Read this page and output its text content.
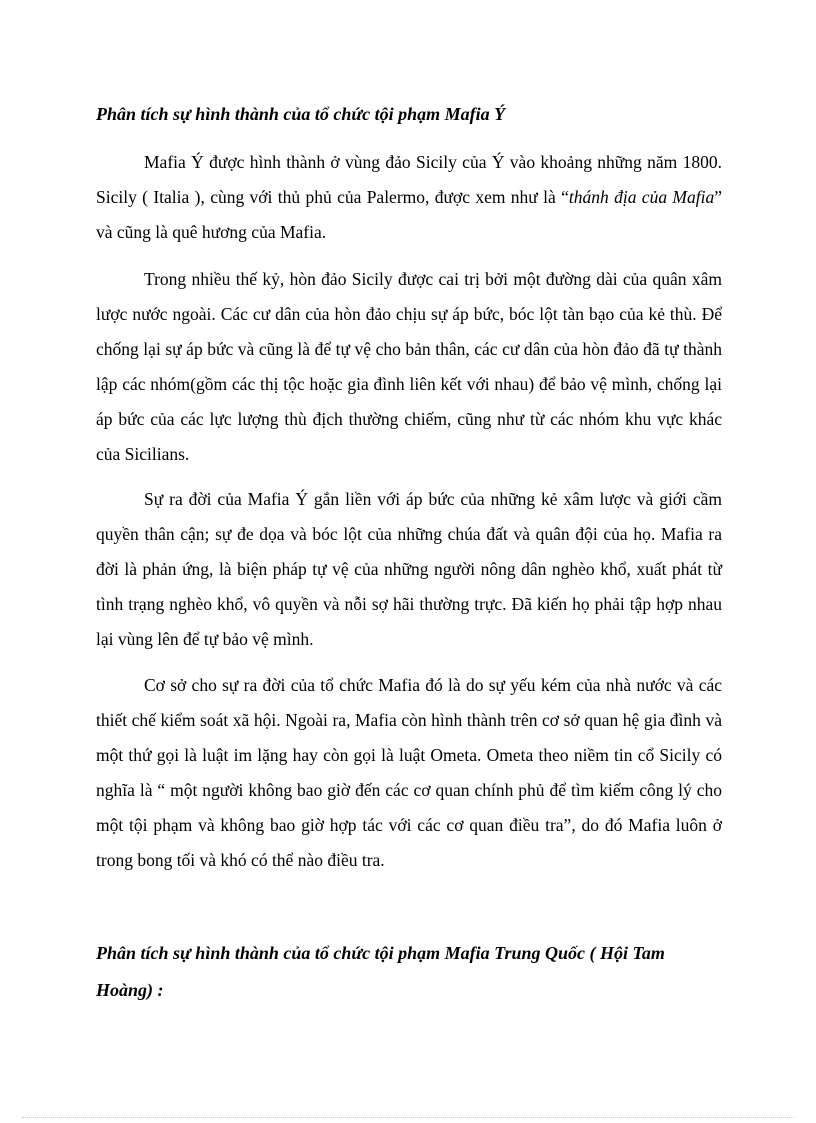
Phân tích sự hình thành của tổ chức tội phạm Mafia Ý

Mafia Ý được hình thành ở vùng đảo Sicily của Ý vào khoảng những năm 1800. Sicily ( Italia ), cùng với thủ phủ của Palermo, được xem như là “thánh địa của Mafia” và cũng là quê hương của Mafia.

Trong nhiều thế kỷ, hòn đảo Sicily được cai trị bởi một đường dài của quân xâm lược nước ngoài. Các cư dân của hòn đảo chịu sự áp bức, bóc lột tàn bạo của kẻ thù. Để chống lại sự áp bức và cũng là để tự vệ cho bản thân, các cư dân của hòn đảo đã tự thành lập các nhóm(gồm các thị tộc hoặc gia đình liên kết với nhau) để bảo vệ mình, chống lại áp bức của các lực lượng thù địch thường chiếm, cũng như từ các nhóm khu vực khác của Sicilians.

Sự ra đời của Mafia Ý gắn liền với áp bức của những kẻ xâm lược và giới cầm quyền thân cận; sự đe dọa và bóc lột của những chúa đất và quân đội của họ. Mafia ra đời là phản ứng, là biện pháp tự vệ của những người nông dân nghèo khổ, xuất phát từ tình trạng nghèo khổ, vô quyền và nỗi sợ hãi thường trực. Đã kiến họ phải tập hợp nhau lại vùng lên để tự bảo vệ mình.

Cơ sở cho sự ra đời của tổ chức Mafia đó là do sự yếu kém của nhà nước và các thiết chế kiểm soát xã hội. Ngoài ra, Mafia còn hình thành trên cơ sở quan hệ gia đình và một thứ gọi là luật im lặng hay còn gọi là luật Ometa. Ometa theo niềm tin cổ Sicily có nghĩa là “ một người không bao giờ đến các cơ quan chính phủ để tìm kiếm công lý cho một tội phạm và không bao giờ hợp tác với các cơ quan điều tra”, do đó Mafia luôn ở trong bong tối và khó có thể nào điều tra.

Phân tích sự hình thành của tổ chức tội phạm Mafia Trung Quốc ( Hội Tam Hoàng) :
